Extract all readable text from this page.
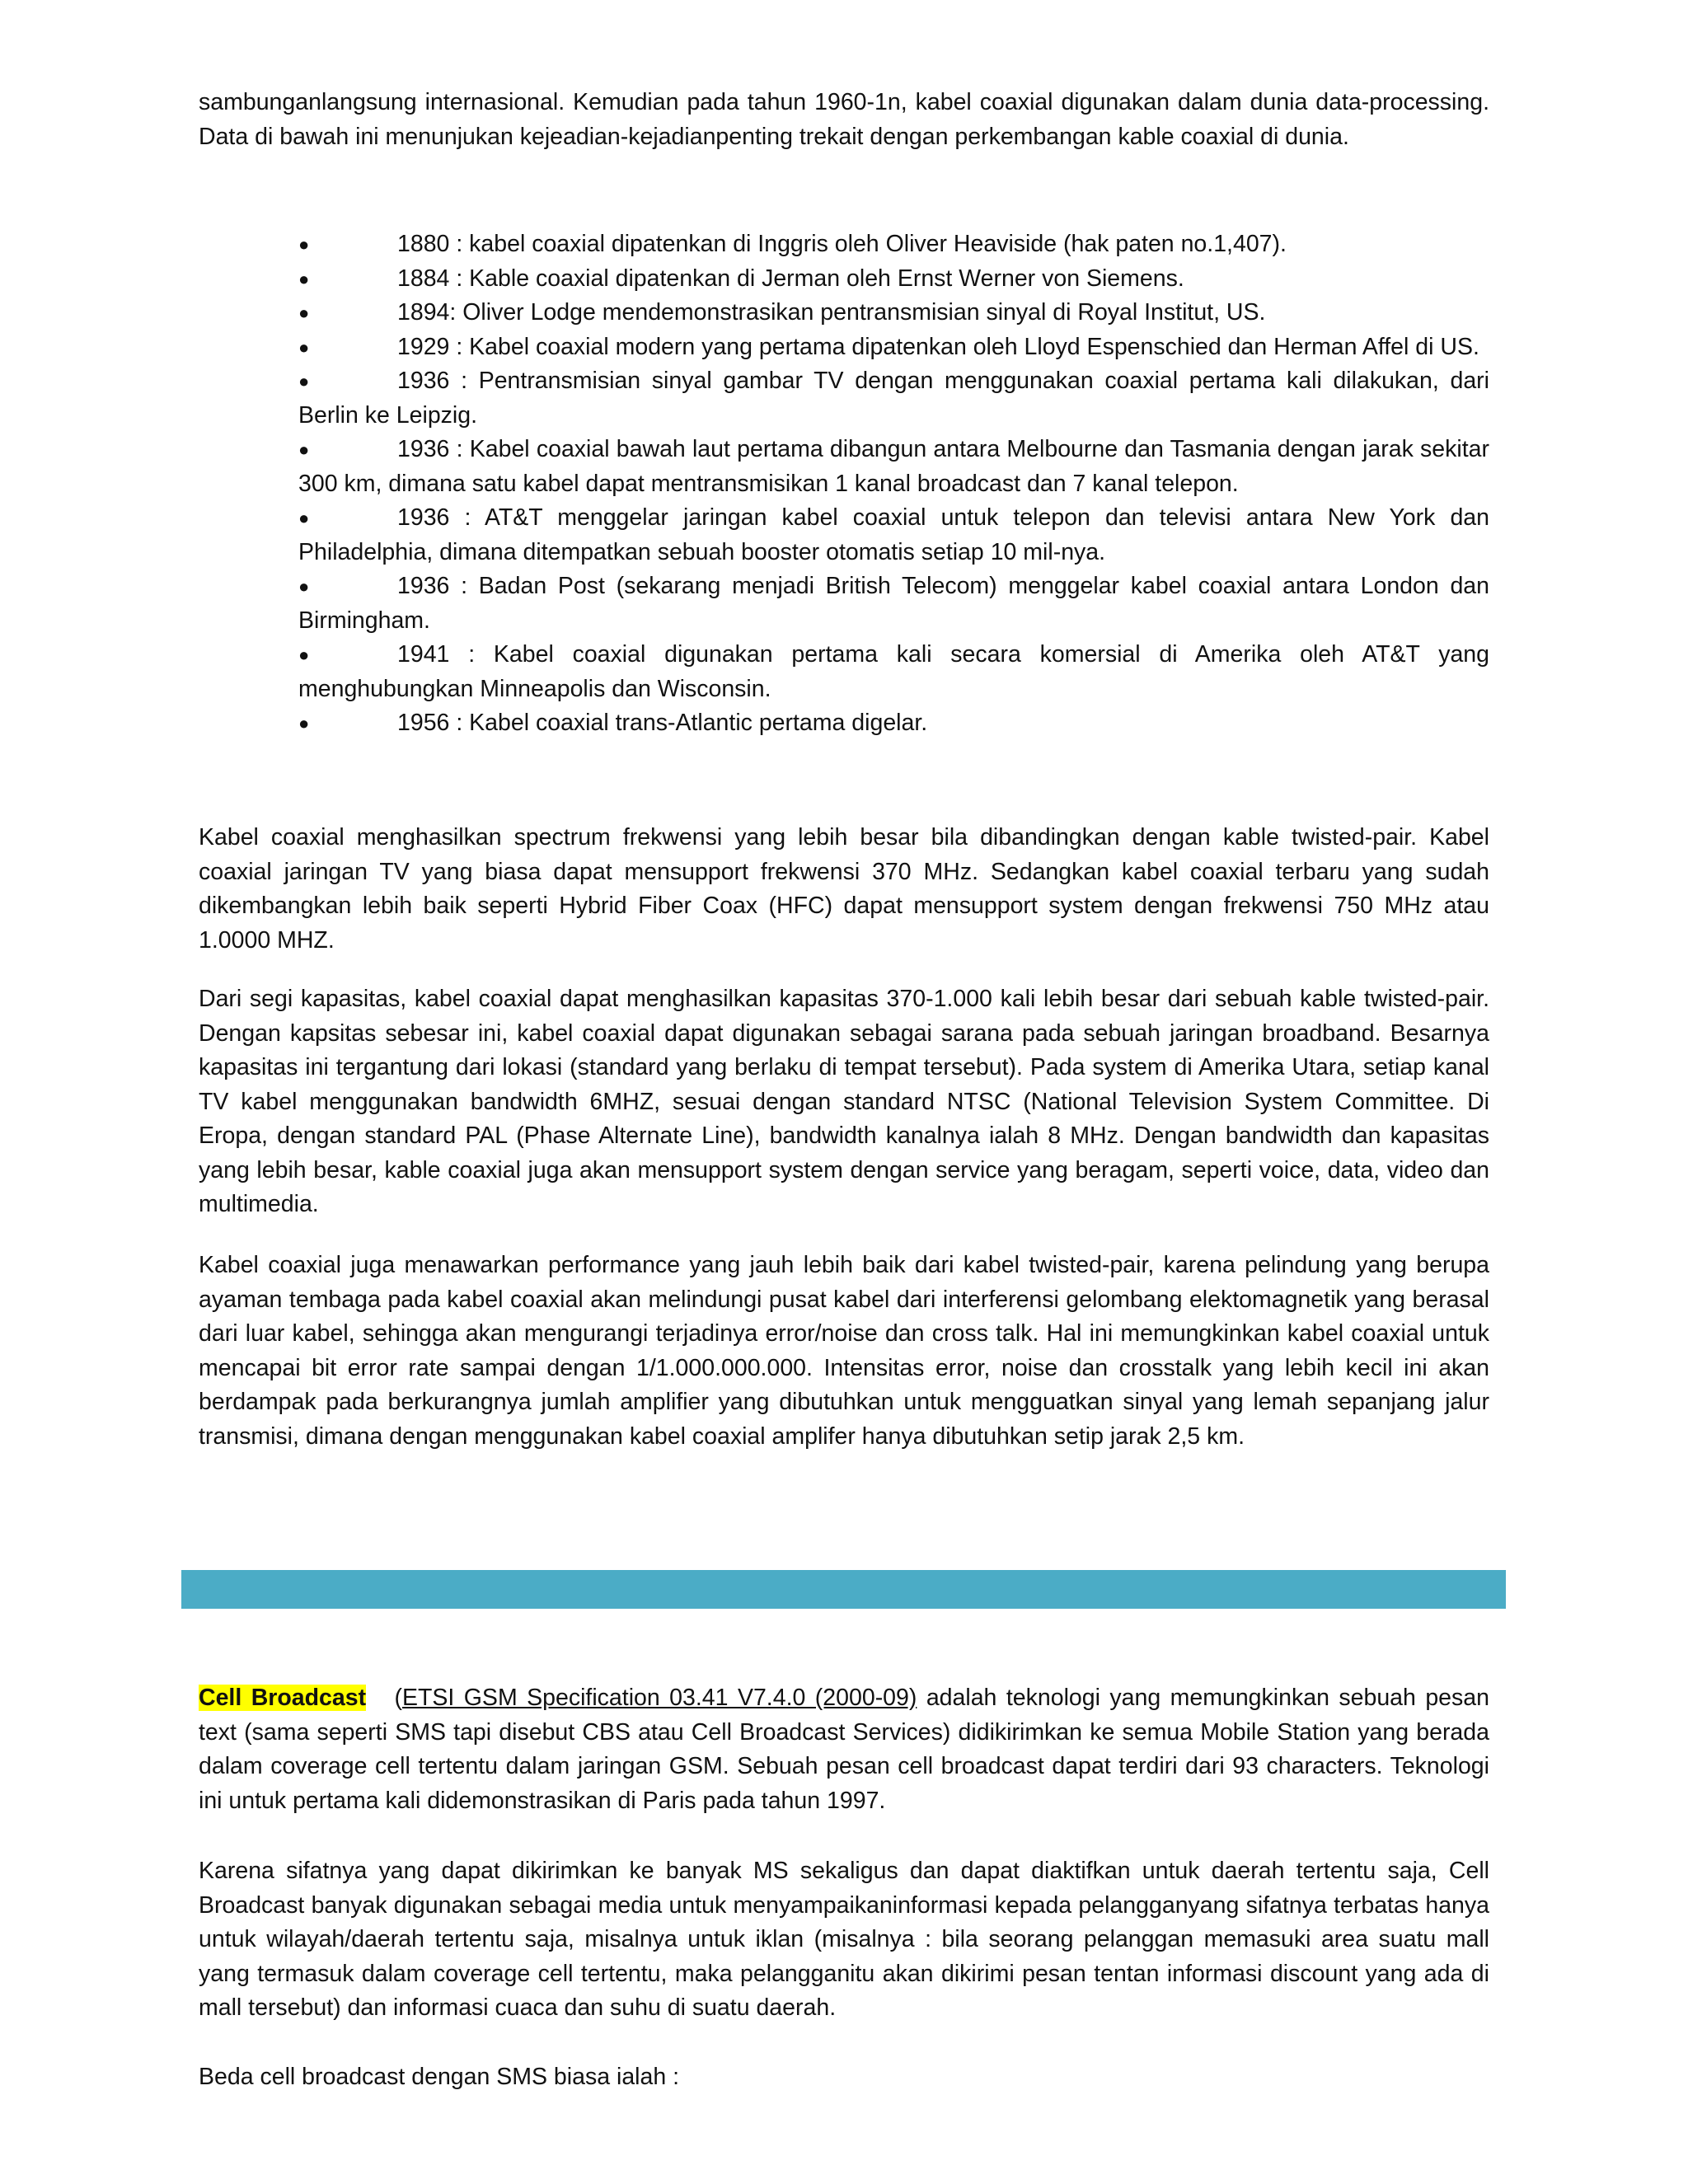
sambunganlangsung internasional. Kemudian pada tahun 1960-1n, kabel coaxial digunakan dalam dunia data-processing. Data di bawah ini menunjukan kejeadian-kejadianpenting trekait dengan perkembangan kable coaxial di dunia.

●	1880 : kabel coaxial dipatenkan di Inggris oleh Oliver Heaviside (hak paten no.1,407).
●	1884 : Kable coaxial dipatenkan di Jerman oleh Ernst Werner von Siemens.
●	1894: Oliver Lodge mendemonstrasikan pentransmisian sinyal di Royal Institut, US.
●	1929 : Kabel coaxial modern yang pertama dipatenkan oleh Lloyd Espenschied dan Herman Affel di US.
●	1936 : Pentransmisian sinyal gambar TV dengan menggunakan coaxial pertama kali dilakukan, dari Berlin ke Leipzig.
●	1936 : Kabel coaxial bawah laut pertama dibangun antara Melbourne dan Tasmania dengan jarak sekitar 300 km, dimana satu kabel dapat mentransmisikan 1 kanal broadcast dan 7 kanal telepon.
●	1936 : AT&T menggelar jaringan kabel coaxial untuk telepon dan televisi antara New York dan Philadelphia, dimana ditempatkan sebuah booster otomatis setiap 10 mil-nya.
●	1936 : Badan Post (sekarang menjadi British Telecom) menggelar kabel coaxial antara London dan Birmingham.
●	1941 : Kabel coaxial digunakan pertama kali secara komersial di Amerika oleh AT&T yang menghubungkan Minneapolis dan Wisconsin.
●	1956 : Kabel coaxial trans-Atlantic pertama digelar.

Kabel coaxial menghasilkan spectrum frekwensi yang lebih besar bila dibandingkan dengan kable twisted-pair. Kabel coaxial jaringan TV yang biasa dapat mensupport frekwensi 370 MHz. Sedangkan kabel coaxial terbaru yang sudah dikembangkan lebih baik seperti Hybrid Fiber Coax (HFC) dapat mensupport system dengan frekwensi 750 MHz atau 1.0000 MHZ.

Dari segi kapasitas, kabel coaxial dapat menghasilkan kapasitas 370-1.000 kali lebih besar dari sebuah kable twisted-pair. Dengan kapsitas sebesar ini, kabel coaxial dapat digunakan sebagai sarana pada sebuah jaringan broadband. Besarnya kapasitas ini tergantung dari lokasi (standard yang berlaku di tempat tersebut). Pada system di Amerika Utara, setiap kanal TV kabel menggunakan bandwidth 6MHZ, sesuai dengan standard NTSC (National Television System Committee. Di Eropa, dengan standard PAL (Phase Alternate Line), bandwidth kanalnya ialah 8 MHz. Dengan bandwidth dan kapasitas yang lebih besar, kable coaxial juga akan mensupport system dengan service yang beragam, seperti voice, data, video dan multimedia.

Kabel coaxial juga menawarkan performance yang jauh lebih baik dari kabel twisted-pair, karena pelindung yang berupa ayaman tembaga pada kabel coaxial akan melindungi pusat kabel dari interferensi gelombang elektomagnetik yang berasal dari luar kabel, sehingga akan mengurangi terjadinya error/noise dan cross talk. Hal ini memungkinkan kabel coaxial untuk mencapai bit error rate sampai dengan 1/1.000.000.000. Intensitas error, noise dan crosstalk yang lebih kecil ini akan berdampak pada berkurangnya jumlah amplifier yang dibutuhkan untuk mengguatkan sinyal yang lemah sepanjang jalur transmisi, dimana dengan menggunakan kabel coaxial amplifer hanya dibutuhkan setip jarak 2,5 km.

Cell Broadcast (ETSI GSM Specification 03.41 V7.4.0 (2000-09) adalah teknologi yang memungkinkan sebuah pesan text (sama seperti SMS tapi disebut CBS atau Cell Broadcast Services) didikirimkan ke semua Mobile Station yang berada dalam coverage cell tertentu dalam jaringan GSM. Sebuah pesan cell broadcast dapat terdiri dari 93 characters. Teknologi ini untuk pertama kali didemonstrasikan di Paris pada tahun 1997.

Karena sifatnya yang dapat dikirimkan ke banyak MS sekaligus dan dapat diaktifkan untuk daerah tertentu saja, Cell Broadcast banyak digunakan sebagai media untuk menyampaikaninformasi kepada pelangganyang sifatnya terbatas hanya untuk wilayah/daerah tertentu saja, misalnya untuk iklan (misalnya : bila seorang pelanggan memasuki area suatu mall yang termasuk dalam coverage cell tertentu, maka pelangganitu akan dikirimi pesan tentan informasi discount yang ada di mall tersebut) dan informasi cuaca dan suhu di suatu daerah.

Beda cell broadcast dengan SMS biasa ialah :
